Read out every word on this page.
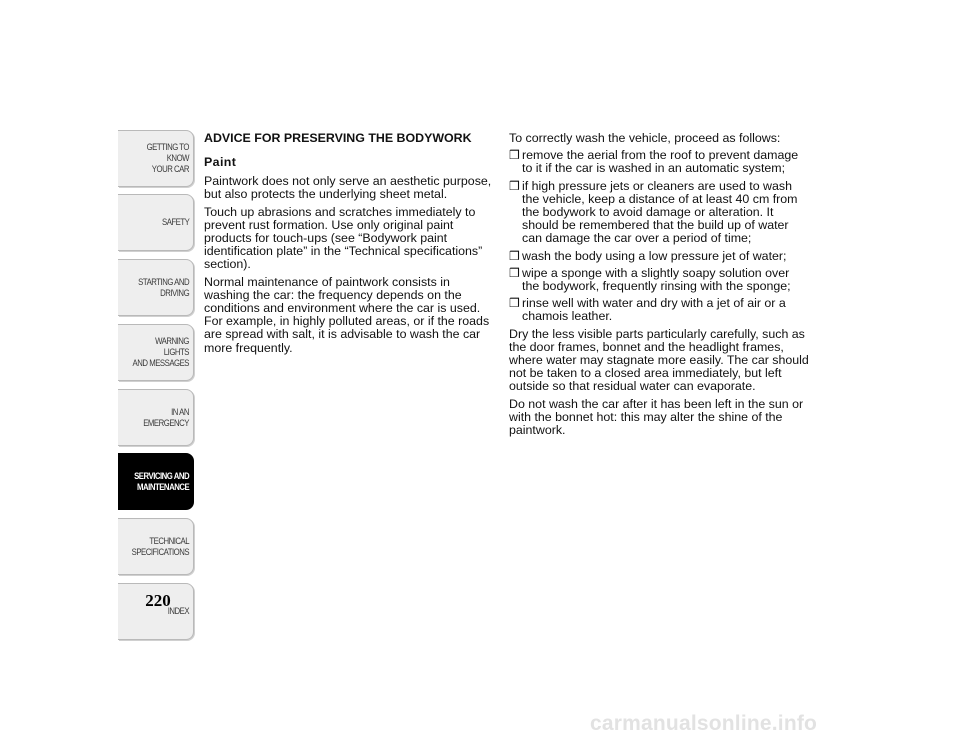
GETTING TO KNOW
YOUR CAR
SAFETY
STARTING AND
DRIVING
WARNING LIGHTS
AND MESSAGES
IN AN EMERGENCY
SERVICING AND
MAINTENANCE
TECHNICAL
SPECIFICATIONS
INDEX
220

ADVICE FOR PRESERVING THE BODYWORK

Paint

Paintwork does not only serve an aesthetic purpose, but also protects the underlying sheet metal.

Touch up abrasions and scratches immediately to prevent rust formation. Use only original paint products for touch-ups (see “Bodywork paint identification plate” in the “Technical specifications” section).

Normal maintenance of paintwork consists in washing the car: the frequency depends on the conditions and environment where the car is used. For example, in highly polluted areas, or if the roads are spread with salt, it is advisable to wash the car more frequently.

To correctly wash the vehicle, proceed as follows:

❒ remove the aerial from the roof to prevent damage to it if the car is washed in an automatic system;
❒ if high pressure jets or cleaners are used to wash the vehicle, keep a distance of at least 40 cm from the bodywork to avoid damage or alteration. It should be remembered that the build up of water can damage the car over a period of time;
❒ wash the body using a low pressure jet of water;
❒ wipe a sponge with a slightly soapy solution over the bodywork, frequently rinsing with the sponge;
❒ rinse well with water and dry with a jet of air or a chamois leather.

Dry the less visible parts particularly carefully, such as the door frames, bonnet and the headlight frames, where water may stagnate more easily. The car should not be taken to a closed area immediately, but left outside so that residual water can evaporate.

Do not wash the car after it has been left in the sun or with the bonnet hot: this may alter the shine of the paintwork.

carmanualsonline.info
